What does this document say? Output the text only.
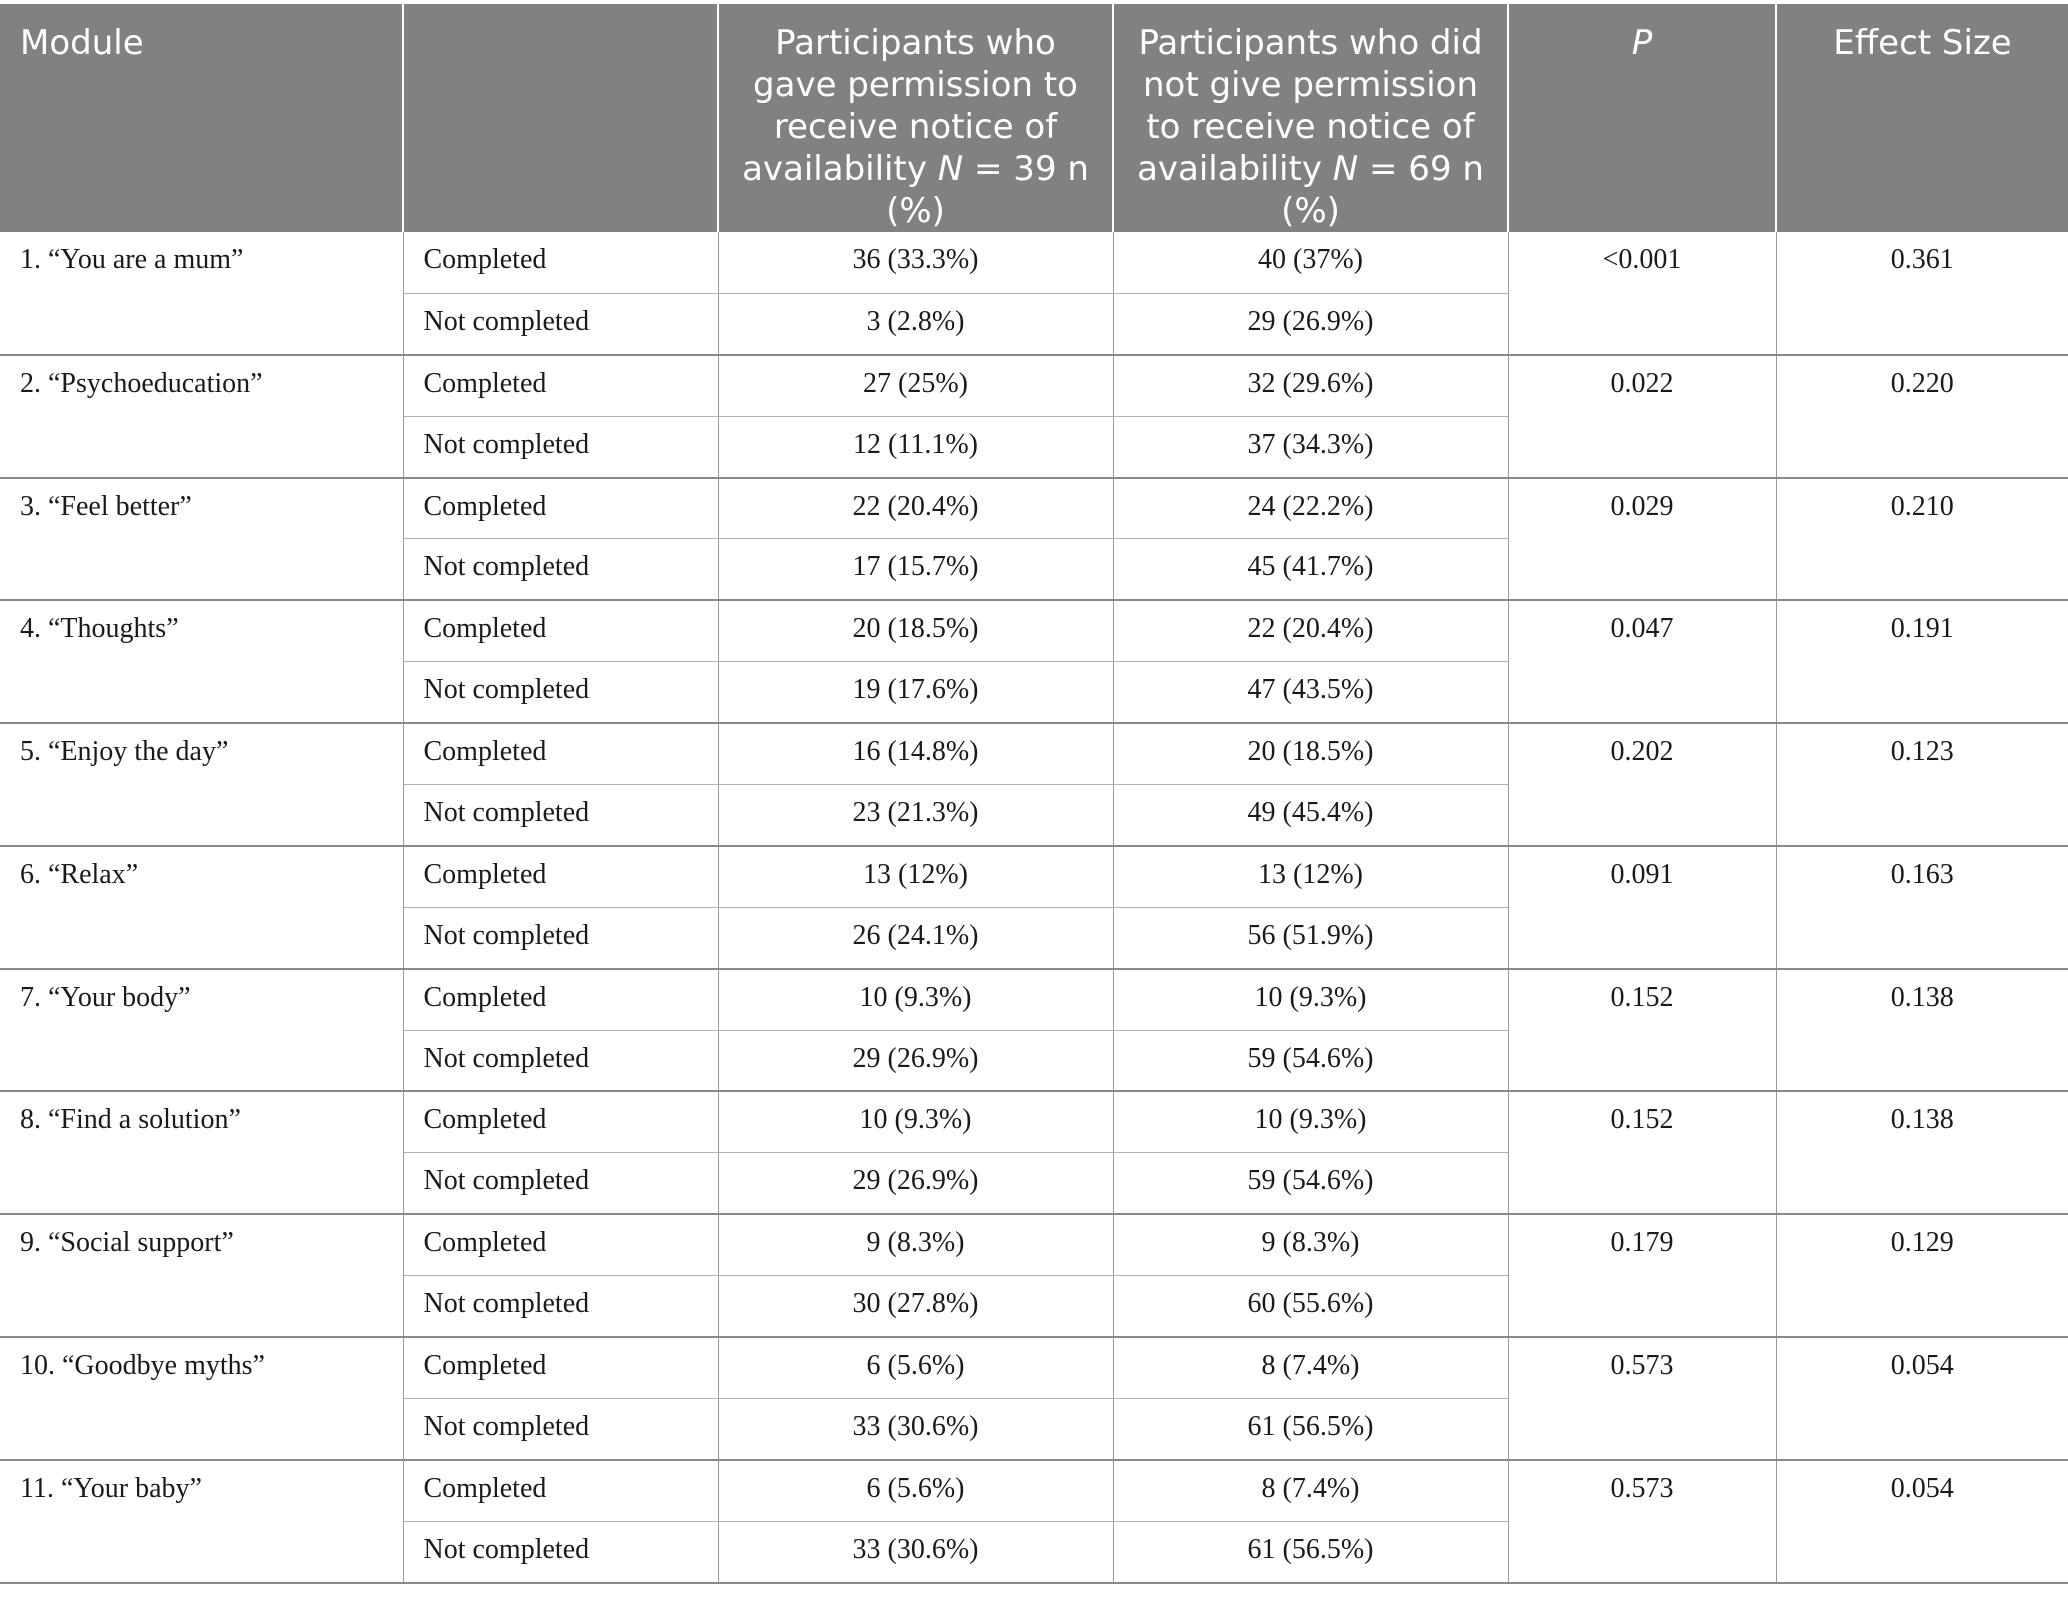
Module		Participants who gave permission to receive notice of availability N = 39 n (%)	Participants who did not give permission to receive notice of availability N = 69 n (%)	P	Effect Size
1. “You are a mum”	Completed	36 (33.3%)	40 (37%)	<0.001	0.361
	Not completed	3 (2.8%)	29 (26.9%)		
2. “Psychoeducation”	Completed	27 (25%)	32 (29.6%)	0.022	0.220
	Not completed	12 (11.1%)	37 (34.3%)		
3. “Feel better”	Completed	22 (20.4%)	24 (22.2%)	0.029	0.210
	Not completed	17 (15.7%)	45 (41.7%)		
4. “Thoughts”	Completed	20 (18.5%)	22 (20.4%)	0.047	0.191
	Not completed	19 (17.6%)	47 (43.5%)		
5. “Enjoy the day”	Completed	16 (14.8%)	20 (18.5%)	0.202	0.123
	Not completed	23 (21.3%)	49 (45.4%)		
6. “Relax”	Completed	13 (12%)	13 (12%)	0.091	0.163
	Not completed	26 (24.1%)	56 (51.9%)		
7. “Your body”	Completed	10 (9.3%)	10 (9.3%)	0.152	0.138
	Not completed	29 (26.9%)	59 (54.6%)		
8. “Find a solution”	Completed	10 (9.3%)	10 (9.3%)	0.152	0.138
	Not completed	29 (26.9%)	59 (54.6%)		
9. “Social support”	Completed	9 (8.3%)	9 (8.3%)	0.179	0.129
	Not completed	30 (27.8%)	60 (55.6%)		
10. “Goodbye myths”	Completed	6 (5.6%)	8 (7.4%)	0.573	0.054
	Not completed	33 (30.6%)	61 (56.5%)		
11. “Your baby”	Completed	6 (5.6%)	8 (7.4%)	0.573	0.054
	Not completed	33 (30.6%)	61 (56.5%)		
